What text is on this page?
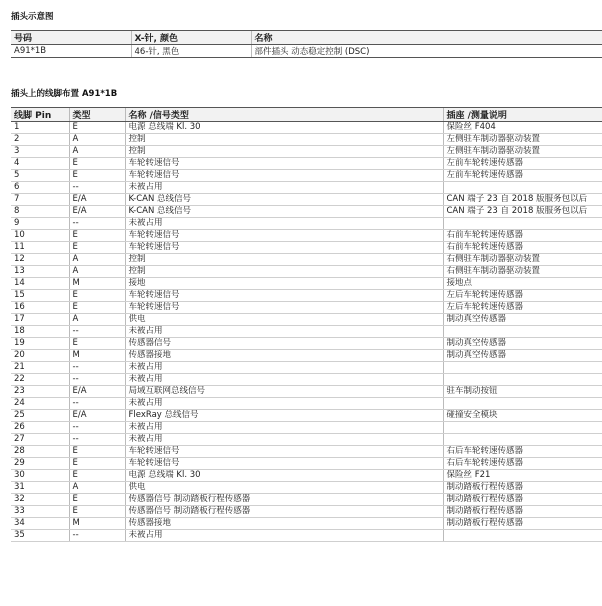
插头示意图
号码	X-针, 颜色	名称
A91*1B	46-针, 黑色	部件插头 动态稳定控制 (DSC)
插头上的线脚布置 A91*1B
线脚 Pin	类型	名称 /信号类型	插座 /测量说明
1	E	电源 总线端 Kl. 30	保险丝 F404
2	A	控制	左侧驻车制动器驱动装置
3	A	控制	左侧驻车制动器驱动装置
4	E	车轮转速信号	左前车轮转速传感器
5	E	车轮转速信号	左前车轮转速传感器
6	--	未被占用	
7	E/A	K-CAN 总线信号	CAN 端子 23 自 2018 版服务包以后
8	E/A	K-CAN 总线信号	CAN 端子 23 自 2018 版服务包以后
9	--	未被占用	
10	E	车轮转速信号	右前车轮转速传感器
11	E	车轮转速信号	右前车轮转速传感器
12	A	控制	右侧驻车制动器驱动装置
13	A	控制	右侧驻车制动器驱动装置
14	M	接地	接地点
15	E	车轮转速信号	左后车轮转速传感器
16	E	车轮转速信号	左后车轮转速传感器
17	A	供电	制动真空传感器
18	--	未被占用	
19	E	传感器信号	制动真空传感器
20	M	传感器接地	制动真空传感器
21	--	未被占用	
22	--	未被占用	
23	E/A	局域互联网总线信号	驻车制动按钮
24	--	未被占用	
25	E/A	FlexRay 总线信号	碰撞安全模块
26	--	未被占用	
27	--	未被占用	
28	E	车轮转速信号	右后车轮转速传感器
29	E	车轮转速信号	右后车轮转速传感器
30	E	电源 总线端 Kl. 30	保险丝 F21
31	A	供电	制动踏板行程传感器
32	E	传感器信号 制动踏板行程传感器	制动踏板行程传感器
33	E	传感器信号 制动踏板行程传感器	制动踏板行程传感器
34	M	传感器接地	制动踏板行程传感器
35	--	未被占用	
